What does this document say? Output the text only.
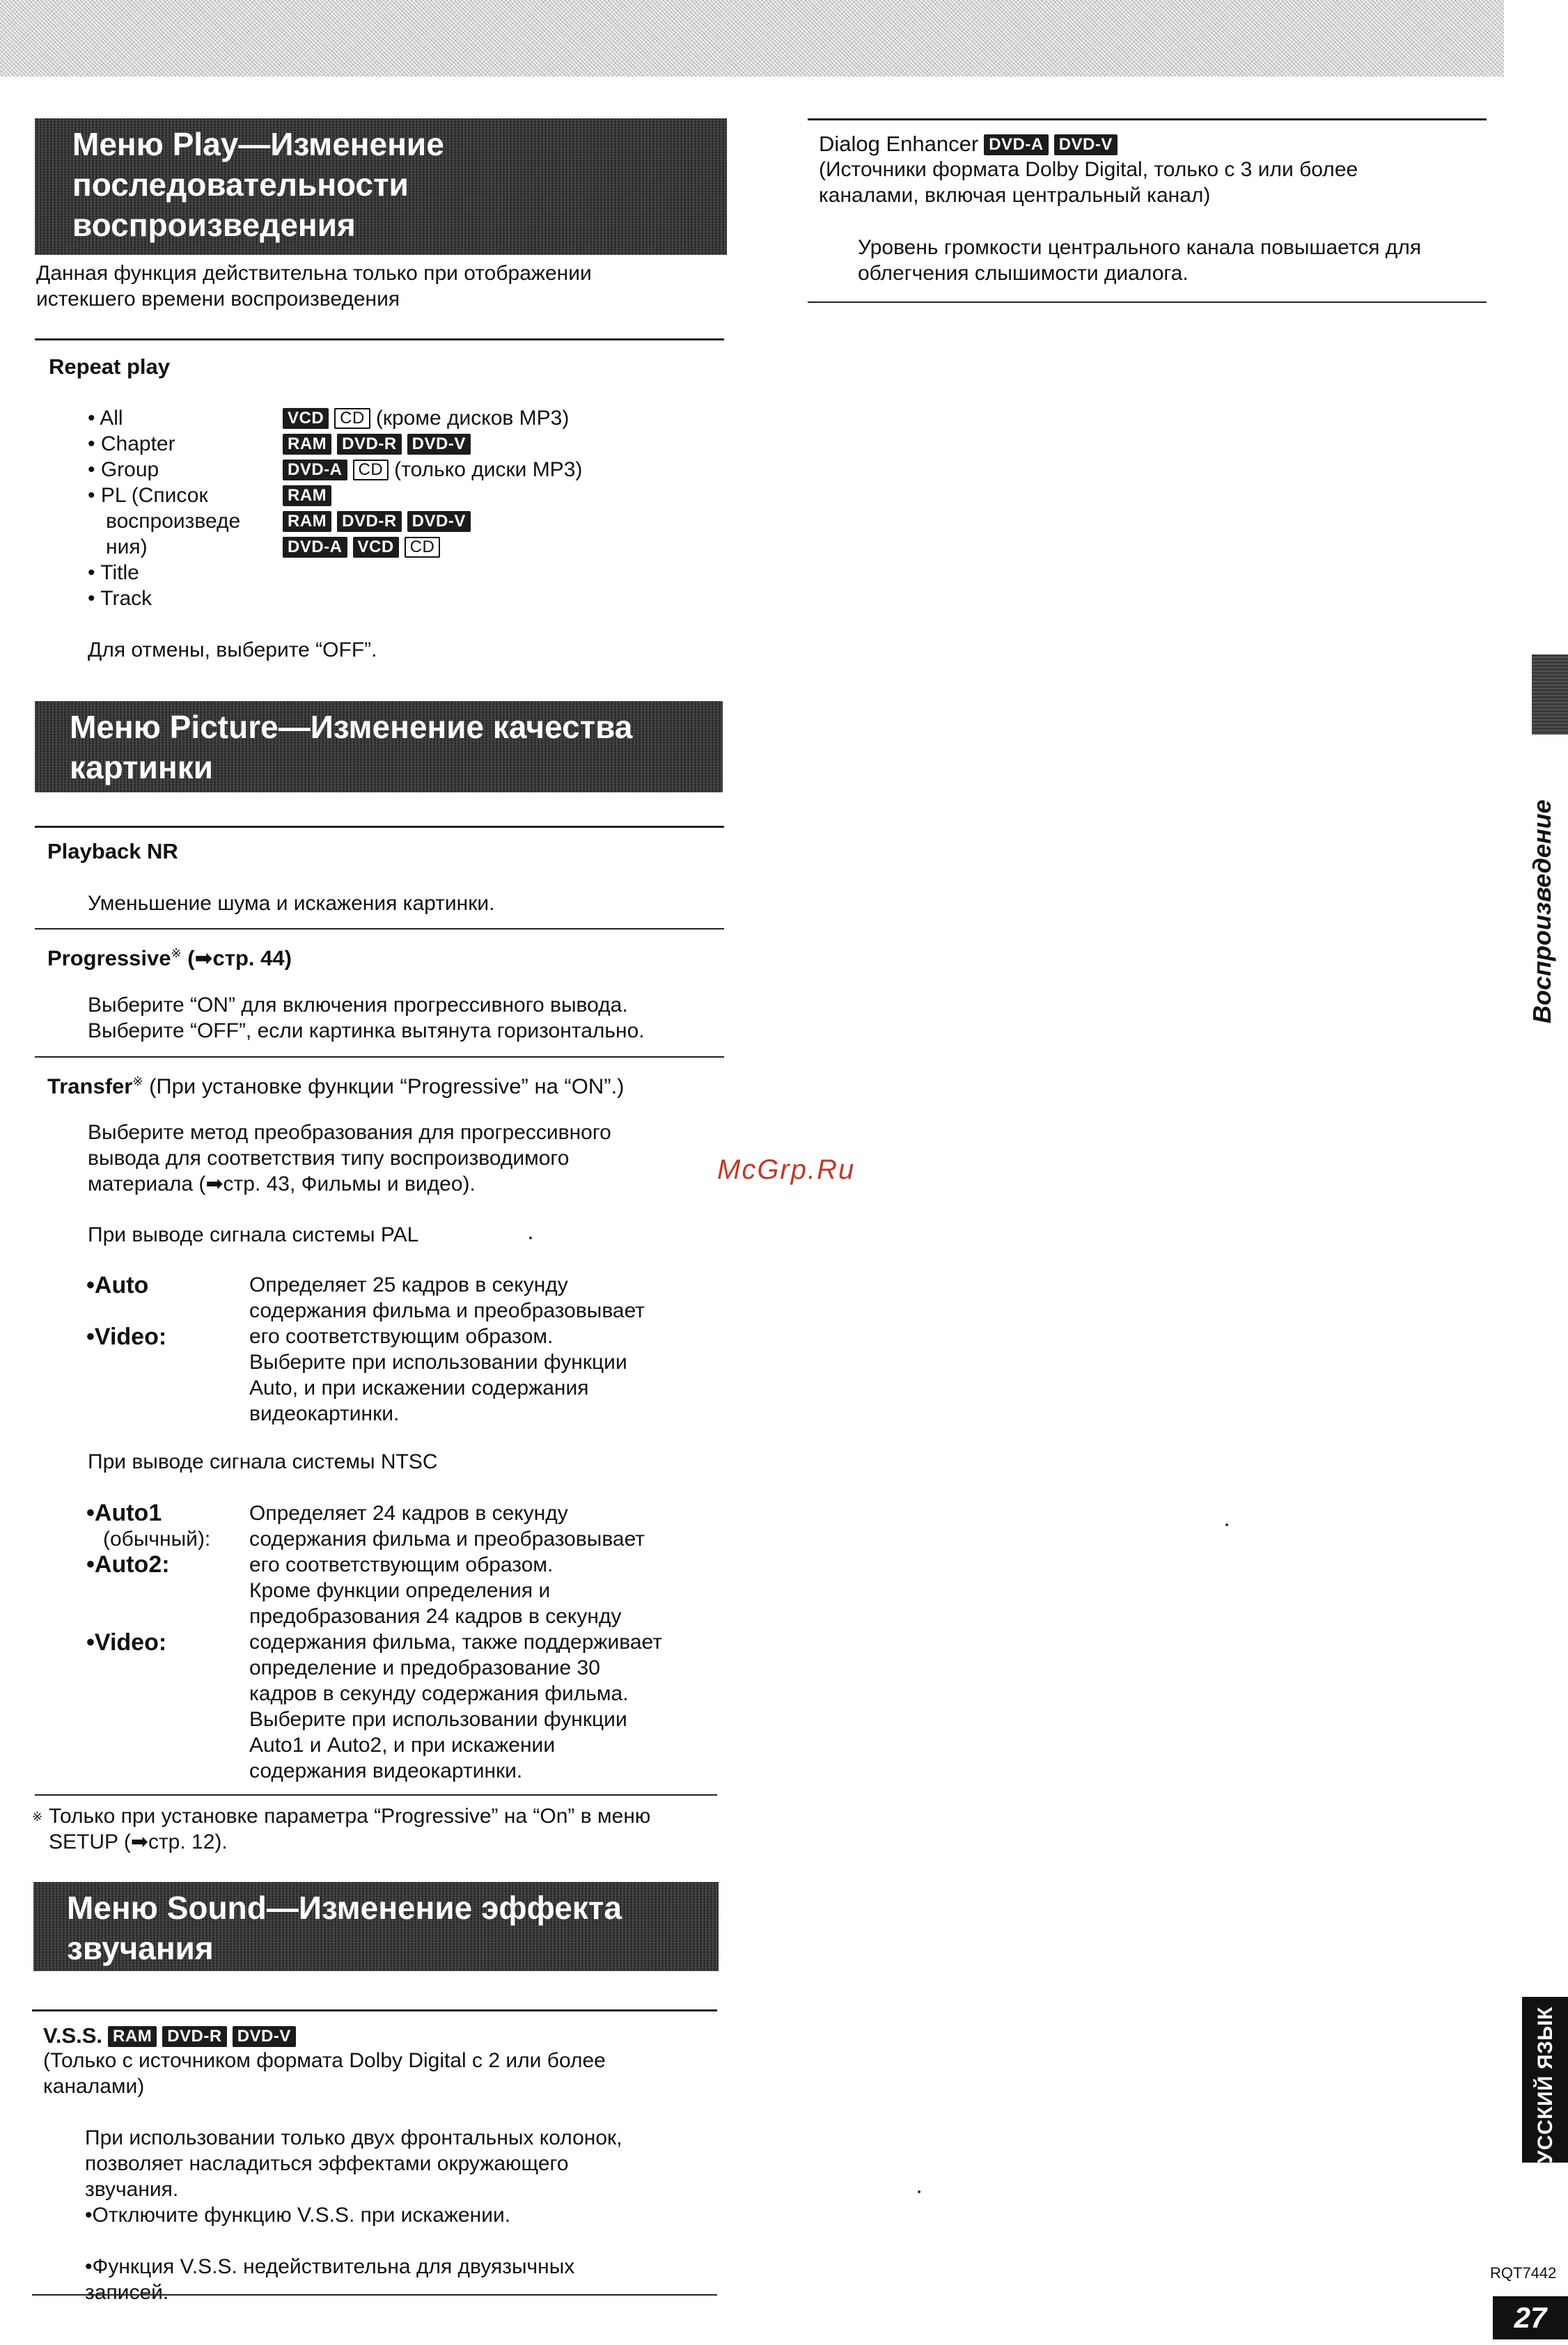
Меню Play—Изменение
последовательности
воспроизведения
Данная функция действительна только при отображении
истекшего времени воспроизведения
Repeat play
• All
• Chapter
• Group
• PL (Список
воспроизведе
ния)
• Title
• Track
VCD CD (кроме дисков MP3)
RAM DVD-R DVD-V
DVD-A CD (только диски MP3)
RAM
RAM DVD-R DVD-V
DVD-A VCD CD
Для отмены, выберите “OFF”.
Меню Picture—Изменение качества
картинки
Playback NR
Уменьшение шума и искажения картинки.
Progressive※ (➡стр. 44)
Выберите “ON” для включения прогрессивного вывода.
Выберите “OFF”, если картинка вытянута горизонтально.
Transfer※ (При установке функции “Progressive” на “ON”.)
Выберите метод преобразования для прогрессивного
вывода для соответствия типу воспроизводимого
материала (➡стр. 43, Фильмы и видео).
При выводе сигнала системы PAL
•Auto
•Video:
Определяет 25 кадров в секунду
содержания фильма и преобразовывает
его соответствующим образом.
Выберите при использовании функции
Auto, и при искажении содержания
видеокартинки.
При выводе сигнала системы NTSC
•Auto1
(обычный):
•Auto2:
•Video:
Определяет 24 кадров в секунду
содержания фильма и преобразовывает
его соответствующим образом.
Кроме функции определения и
предобразования 24 кадров в секунду
содержания фильма, также поддерживает
определение и предобразование 30
кадров в секунду содержания фильма.
Выберите при использовании функции
Auto1 и Auto2, и при искажении
содержания видеокартинки.
※ Только при установке параметра “Progressive” на “On” в меню
SETUP (➡стр. 12).
Меню Sound—Изменение эффекта
звучания
V.S.S. RAM DVD-R DVD-V
(Только с источником формата Dolby Digital с 2 или более
каналами)
При использовании только двух фронтальных колонок,
позволяет насладиться эффектами окружающего
звучания.
•Отключите функцию V.S.S. при искажении.

•Функция V.S.S. недействительна для двуязычных
записей.

Dialog Enhancer DVD-A DVD-V
(Источники формата Dolby Digital, только с 3 или более
каналами, включая центральный канал)
Уровень громкости центрального канала повышается для
облегчения слышимости диалога.
McGrp.Ru
Воспроизведение
РУССКИЙ ЯЗЫК
RQT7442
27
